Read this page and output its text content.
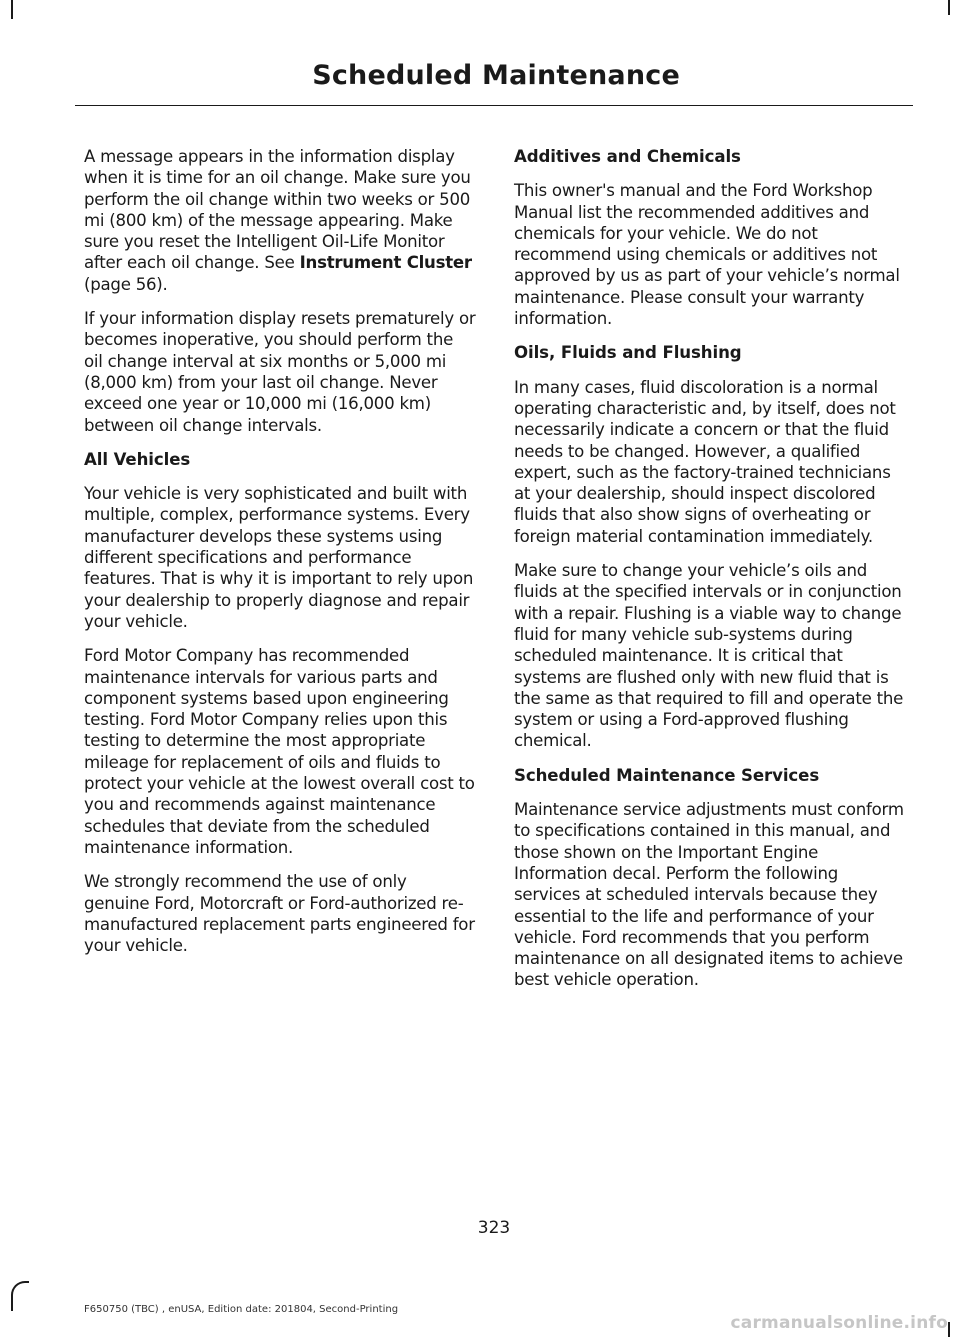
Scheduled Maintenance

A message appears in the information display when it is time for an oil change. Make sure you perform the oil change within two weeks or 500 mi (800 km) of the message appearing. Make sure you reset the Intelligent Oil-Life Monitor after each oil change. See Instrument Cluster (page 56).

If your information display resets prematurely or becomes inoperative, you should perform the oil change interval at six months or 5,000 mi (8,000 km) from your last oil change. Never exceed one year or 10,000 mi (16,000 km) between oil change intervals.

All Vehicles

Your vehicle is very sophisticated and built with multiple, complex, performance systems. Every manufacturer develops these systems using different specifications and performance features. That is why it is important to rely upon your dealership to properly diagnose and repair your vehicle.

Ford Motor Company has recommended maintenance intervals for various parts and component systems based upon engineering testing. Ford Motor Company relies upon this testing to determine the most appropriate mileage for replacement of oils and fluids to protect your vehicle at the lowest overall cost to you and recommends against maintenance schedules that deviate from the scheduled maintenance information.

We strongly recommend the use of only genuine Ford, Motorcraft or Ford-authorized re-manufactured replacement parts engineered for your vehicle.

Additives and Chemicals

This owner's manual and the Ford Workshop Manual list the recommended additives and chemicals for your vehicle. We do not recommend using chemicals or additives not approved by us as part of your vehicle’s normal maintenance. Please consult your warranty information.

Oils, Fluids and Flushing

In many cases, fluid discoloration is a normal operating characteristic and, by itself, does not necessarily indicate a concern or that the fluid needs to be changed. However, a qualified expert, such as the factory-trained technicians at your dealership, should inspect discolored fluids that also show signs of overheating or foreign material contamination immediately.

Make sure to change your vehicle’s oils and fluids at the specified intervals or in conjunction with a repair. Flushing is a viable way to change fluid for many vehicle sub-systems during scheduled maintenance. It is critical that systems are flushed only with new fluid that is the same as that required to fill and operate the system or using a Ford-approved flushing chemical.

Scheduled Maintenance Services

Maintenance service adjustments must conform to specifications contained in this manual, and those shown on the Important Engine Information decal. Perform the following services at scheduled intervals because they essential to the life and performance of your vehicle. Ford recommends that you perform maintenance on all designated items to achieve best vehicle operation.

323
F650750 (TBC) , enUSA, Edition date: 201804, Second-Printing
carmanualsonline.info
